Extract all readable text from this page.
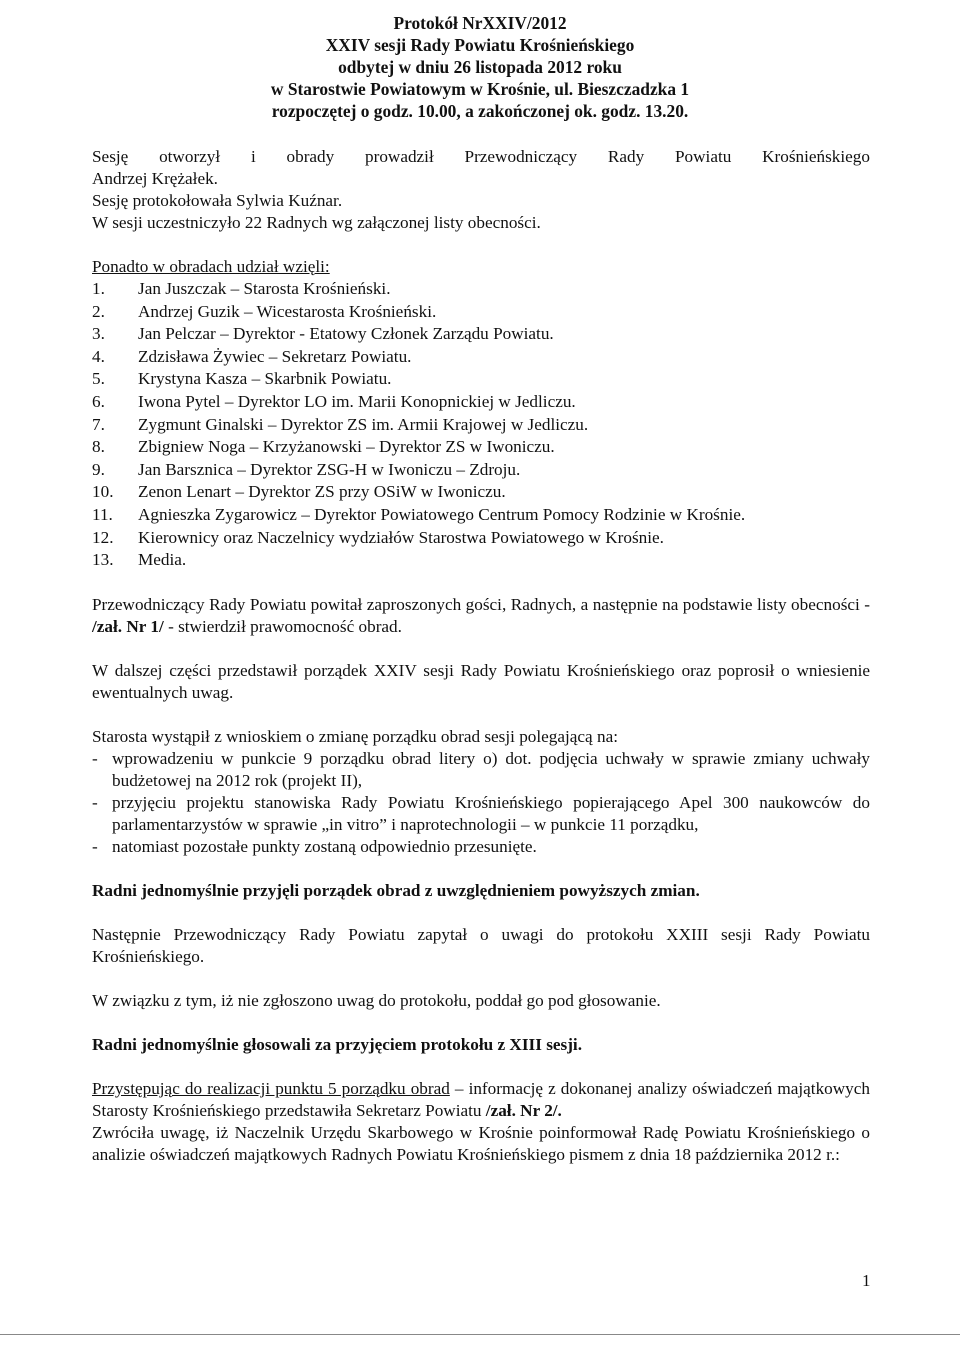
Protokół NrXXIV/2012
XXIV sesji Rady Powiatu Krośnieńskiego
odbytej w dniu 26 listopada 2012 roku
w Starostwie Powiatowym w Krośnie, ul. Bieszczadzka 1
rozpoczętej o godz. 10.00, a zakończonej ok. godz. 13.20.

Sesję otworzył i obrady prowadził Przewodniczący Rady Powiatu Krośnieńskiego

Andrzej Krężałek.

Sesję protokołowała Sylwia Kuźnar.

W sesji uczestniczyło 22 Radnych wg załączonej listy obecności.

Ponadto w obradach udział wzięli:

1.	Jan Juszczak – Starosta Krośnieński.
2.	Andrzej Guzik – Wicestarosta Krośnieński.
3.	Jan Pelczar – Dyrektor - Etatowy Członek Zarządu Powiatu.
4.	Zdzisława Żywiec – Sekretarz Powiatu.
5.	Krystyna Kasza – Skarbnik Powiatu.
6.	Iwona Pytel – Dyrektor LO im. Marii Konopnickiej w Jedliczu.
7.	Zygmunt Ginalski – Dyrektor ZS im. Armii Krajowej w Jedliczu.
8.	Zbigniew Noga – Krzyżanowski – Dyrektor ZS w Iwoniczu.
9.	Jan Barsznica – Dyrektor ZSG-H w Iwoniczu – Zdroju.
10.	Zenon Lenart – Dyrektor ZS przy OSiW w Iwoniczu.
11.	Agnieszka Zygarowicz – Dyrektor Powiatowego Centrum Pomocy Rodzinie w Krośnie.
12.	Kierownicy oraz Naczelnicy wydziałów Starostwa Powiatowego w Krośnie.
13.	Media.

Przewodniczący Rady Powiatu powitał zaproszonych gości, Radnych, a następnie na podstawie listy obecności - /zał. Nr 1/ - stwierdził prawomocność obrad.

W dalszej części przedstawił porządek XXIV sesji Rady Powiatu Krośnieńskiego oraz poprosił o wniesienie ewentualnych uwag.

Starosta wystąpił z wnioskiem o zmianę porządku obrad sesji polegającą na:

- wprowadzeniu w punkcie 9 porządku obrad litery o) dot. podjęcia uchwały w sprawie zmiany uchwały budżetowej na 2012 rok (projekt II),
- przyjęciu projektu stanowiska Rady Powiatu Krośnieńskiego popierającego Apel 300 naukowców do parlamentarzystów w sprawie „in vitro” i naprotechnologii – w punkcie 11 porządku,
- natomiast pozostałe punkty zostaną odpowiednio przesunięte.

Radni jednomyślnie przyjęli porządek obrad z uwzględnieniem powyższych zmian.

Następnie Przewodniczący Rady Powiatu zapytał o uwagi do protokołu XXIII sesji Rady Powiatu Krośnieńskiego.

W związku z tym, iż nie zgłoszono uwag do protokołu, poddał go pod głosowanie.

Radni jednomyślnie głosowali za przyjęciem protokołu z XIII sesji.

Przystępując do realizacji punktu 5 porządku obrad – informację z dokonanej analizy oświadczeń majątkowych Starosty Krośnieńskiego przedstawiła Sekretarz Powiatu /zał. Nr 2/.

Zwróciła uwagę, iż Naczelnik Urzędu Skarbowego w Krośnie poinformował Radę Powiatu Krośnieńskiego o analizie oświadczeń majątkowych Radnych Powiatu Krośnieńskiego pismem z dnia 18 października 2012 r.:

1
